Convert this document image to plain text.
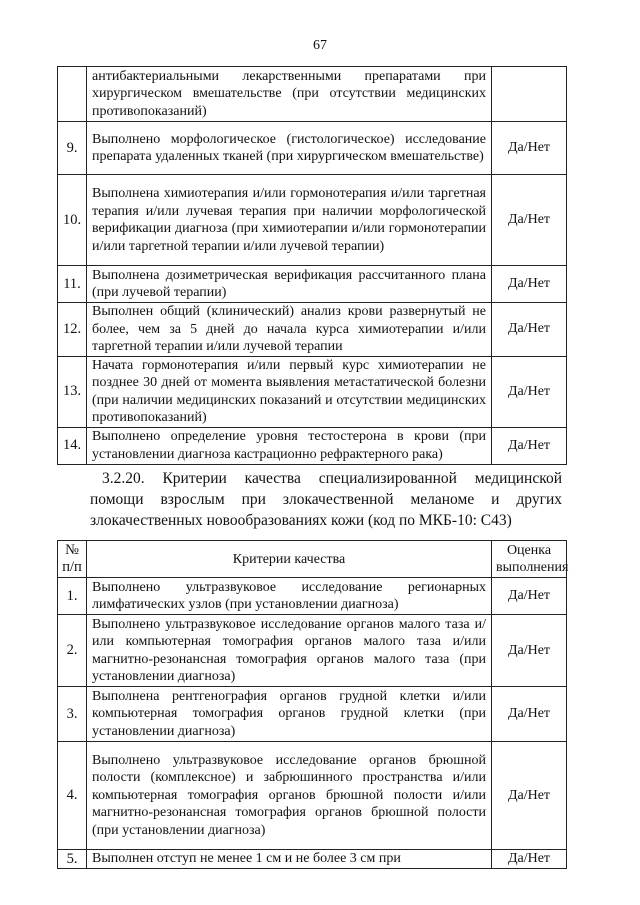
67
	антибактериальными лекарственными препаратами при хирургическом вмешательстве (при отсутствии медицинских противопоказаний)	
9.	Выполнено морфологическое (гистологическое) исследование препарата удаленных тканей (при хирургическом вмешательстве)	Да/Нет
10.	Выполнена химиотерапия и/или гормонотерапия и/или таргетная терапия и/или лучевая терапия при наличии морфологической верификации диагноза (при химиотерапии и/или гормонотерапии и/или таргетной терапии и/или лучевой терапии)	Да/Нет
11.	Выполнена дозиметрическая верификация рассчитанного плана (при лучевой терапии)	Да/Нет
12.	Выполнен общий (клинический) анализ крови развернутый не более, чем за 5 дней до начала курса химиотерапии и/или таргетной терапии и/или лучевой терапии	Да/Нет
13.	Начата гормонотерапия и/или первый курс химиотерапии не позднее 30 дней от момента выявления метастатической болезни (при наличии медицинских показаний и отсутствии медицинских противопоказаний)	Да/Нет
14.	Выполнено определение уровня тестостерона в крови (при установлении диагноза кастрационно рефрактерного рака)	Да/Нет
3.2.20. Критерии качества специализированной медицинской помощи взрослым при злокачественной меланоме и других злокачественных новообразованиях кожи (код по МКБ-10: C43)
№ п/п	Критерии качества	Оценка выполнения
1.	Выполнено ультразвуковое исследование регионарных лимфатических узлов (при установлении диагноза)	Да/Нет
2.	Выполнено ультразвуковое исследование органов малого таза и/или компьютерная томография органов малого таза и/или магнитно-резонансная томография органов малого таза (при установлении диагноза)	Да/Нет
3.	Выполнена рентгенография органов грудной клетки и/или компьютерная томография органов грудной клетки (при установлении диагноза)	Да/Нет
4.	Выполнено ультразвуковое исследование органов брюшной полости (комплексное) и забрюшинного пространства и/или компьютерная томография органов брюшной полости и/или магнитно-резонансная томография органов брюшной полости (при установлении диагноза)	Да/Нет
5.	Выполнен отступ не менее 1 см и не более 3 см при	Да/Нет
